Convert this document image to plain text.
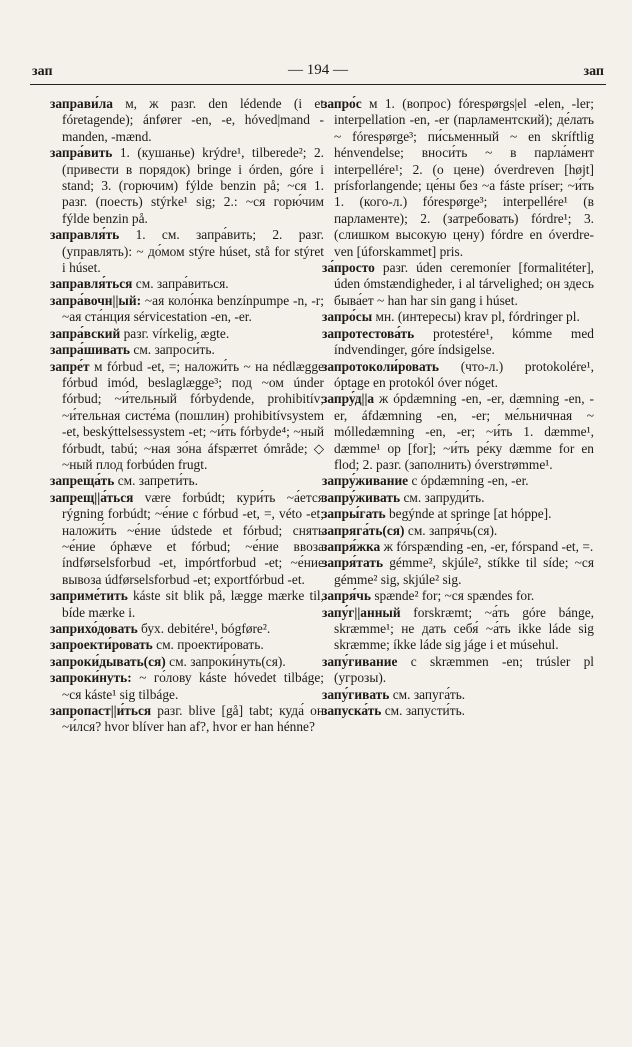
зап	— 194 —	зап

заправи́ла м, ж разг. den lédende (i et fóretagende); ánfører -en, -e, hóved|mand -manden, -mænd.

запра́вить 1. (кушанье) krýdre¹, tilberede²; 2. (привести в порядок) bringe i órden, góre i stand; 3. (горючим) fýlde benzin på; ~ся 1. разг. (поесть) stýrke¹ sig; 2.: ~ся горю́чим fýlde benzin på.

заправля́ть 1. см. запра́вить; 2. разг. (управлять): ~ до́мом stýre húset, stå for stýret i húset.

заправля́ться см. запра́виться.

запра́вочн||ый: ~ая коло́нка benzínpumpe -n, -r; ~ая ста́нция sérvicestation -en, -er.

запра́вский разг. vírkelig, ægte.

запра́шивать см. запроси́ть.

запре́т м fórbud -et, =; наложи́ть ~ на nédlægge fórbud imód, beslaglægge³; под ~ом únder fórbud; ~и́тельный fórbydende, prohibitív; ~и́тельная систе́ма (пошлин) prohibitívsystem -et, beskýttelsessystem -et; ~и́ть fórbyde⁴; ~ный fórbudt, tabú; ~ная зо́на áfspærret ómråde; ◇ ~ный плод forbúden frugt.

запреща́ть см. запрети́ть.

запрещ||а́ться være forbúdt; кури́ть ~а́ется rýgning forbúdt; ~е́ние с fórbud -et, =, véto -et; наложи́ть ~е́ние údstede et fórbud; снять ~е́ние óphæve et fórbud; ~е́ние ввоза índførselsforbud -et, impórtforbud -et; ~е́ние вывоза údførselsforbud -et; exportfórbud -et.

заприме́тить káste sit blik på, lægge mærke til, bíde mærke i.

заприхо́довать бух. debitére¹, bógføre².

запроекти́ровать см. проекти́ровать.

запроки́дывать(ся) см. запроки́нуть(ся).

запроки́нуть: ~ го́лову káste hóvedet tilbáge; ~ся káste¹ sig tilbáge.

запропаст||и́ться разг. blive [gå] tabt; куда́ он ~и́лся? hvor blíver han af?, hvor er han hénne?

запро́с м 1. (вопрос) fórespørgs|el -elen, -ler; interpellation -en, -er (парламентский); де́лать ~ fórespørge³; пи́сьменный ~ en skríftlig hénvendelse; вноси́ть ~ в парла́мент interpellére¹; 2. (о цене) óverdreven [højt] prísforlangende; це́ны без ~а fáste príser; ~и́ть 1. (кого-л.) fórespørge³; interpellére¹ (в парламенте); 2. (затребовать) fórdre¹; 3. (слишком высокую цену) fórdre en óverdreven [úforskammet] pris.

за́просто разг. úden ceremoníer [formalitéter], úden ómstændigheder, i al tárvelighed; он здесь быва́ет ~ han har sin gang i húset.

запро́сы мн. (интересы) krav pl, fórdringer pl.

запротестова́ть protestére¹, kómme med índvendinger, góre índsigelse.

запротоколи́ровать (что-л.) protokolére¹, óptage en protokól óver nóget.

запру́д||а ж ópdæmning -en, -er, dæmning -en, -er, áfdæmning -en, -er; ме́льничная ~ mólledæmning -en, -er; ~и́ть 1. dæmme¹, dæmme¹ op [for]; ~и́ть ре́ку dæmme for en flod; 2. разг. (заполнить) óverstrømme¹.

запру́живание с ópdæmning -en, -er.

запру́живать см. запруди́ть.

запры́гать begýnde at springe [at hóppe].

запряга́ть(ся) см. запря́чь(ся).

запря́жка ж fórspænding -en, -er, fórspand -et, =.

запря́тать gémme², skjúle², stíkke til síde; ~ся gémme² sig, skjúle² sig.

запря́чь spænde² for; ~ся spændes for.

запу́г||анный forskræmt; ~а́ть góre bánge, skræmme¹; не дать себя́ ~а́ть ikke láde sig skræmme; íkke láde sig jáge i et músehul.

запу́гивание с skræmmen -en; trúsler pl (угрозы).

запу́гивать см. запуга́ть.

запуска́ть см. запусти́ть.
